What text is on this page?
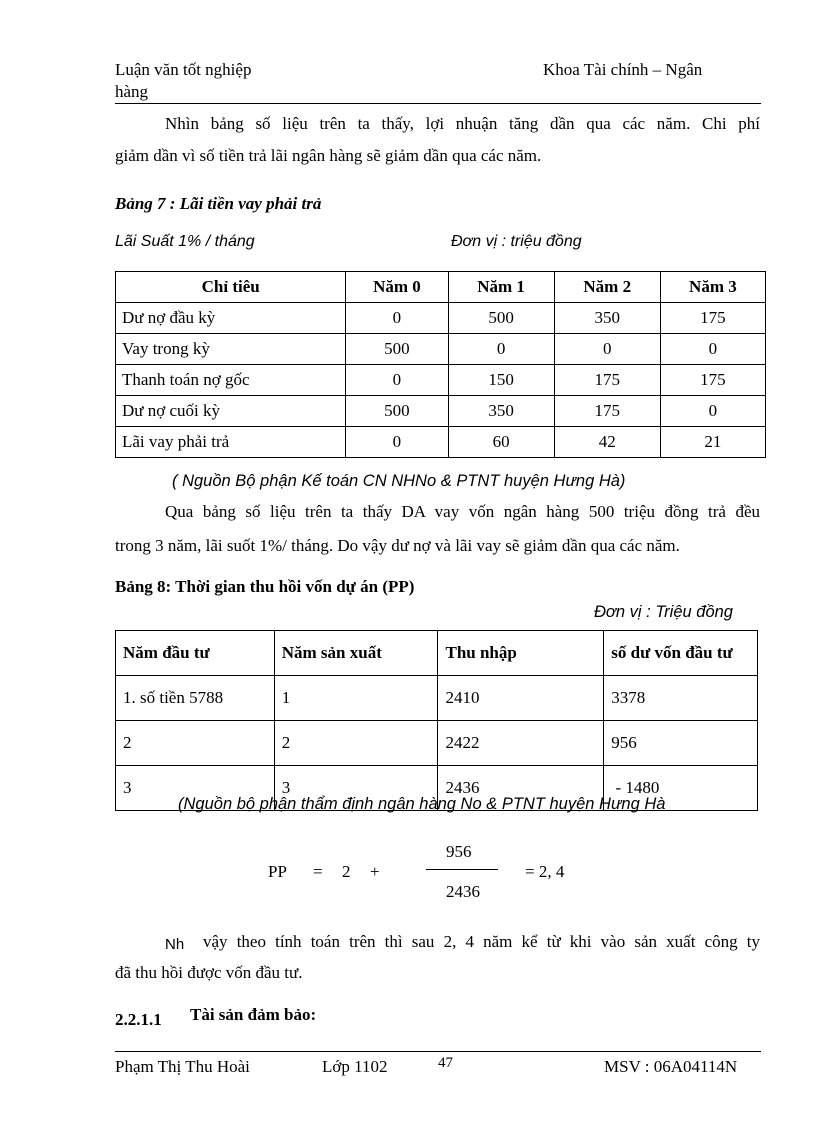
Luận văn tốt nghiệp
hàng
Khoa Tài chính – Ngân
Nhìn bảng số liệu trên ta thấy, lợi nhuận tăng dần qua các năm. Chi phí
giảm dần vì số tiền trả lãi ngân hàng sẽ giảm dần qua các năm.
Bảng 7 : Lãi tiền vay phải trả
Lãi Suất 1% / tháng	Đơn vị : triệu đồng
Chỉ tiêu	Năm 0	Năm 1	Năm 2	Năm 3
Dư nợ đầu kỳ	0	500	350	175
Vay trong kỳ	500	0	0	0
Thanh toán nợ gốc	0	150	175	175
Dư nợ cuối kỳ	500	350	175	0
Lãi vay phải trả	0	60	42	21
( Nguồn Bộ phận Kế toán CN NHNo & PTNT huyện Hưng Hà)
Qua bảng số liệu trên ta thấy DA vay vốn ngân hàng 500 triệu đồng trả đều
trong 3 năm, lãi suốt 1%/ tháng. Do vậy dư nợ và lãi vay sẽ giảm dần qua các năm.
Bảng 8: Thời gian thu hồi vốn dự án (PP)
Đơn vị : Triệu đồng
Năm đầu tư	Năm sản xuất	Thu nhập	số dư vốn đầu tư
1. số tiền 5788	1	2410	3378
2	2	2422	956
3	3	2436	- 1480
(Nguồn bộ phận thẩm định ngân hàng No & PTNT huyện Hưng Hà
PP = 2 +
956
2436
= 2, 4
Nh vậy theo tính toán trên thì sau 2, 4 năm kể từ khi vào sản xuất công ty
đã thu hồi được vốn đầu tư.
2.2.1.1 Tài sản đảm bảo:
Phạm Thị Thu Hoài	Lớp 1102	47	MSV : 06A04114N
